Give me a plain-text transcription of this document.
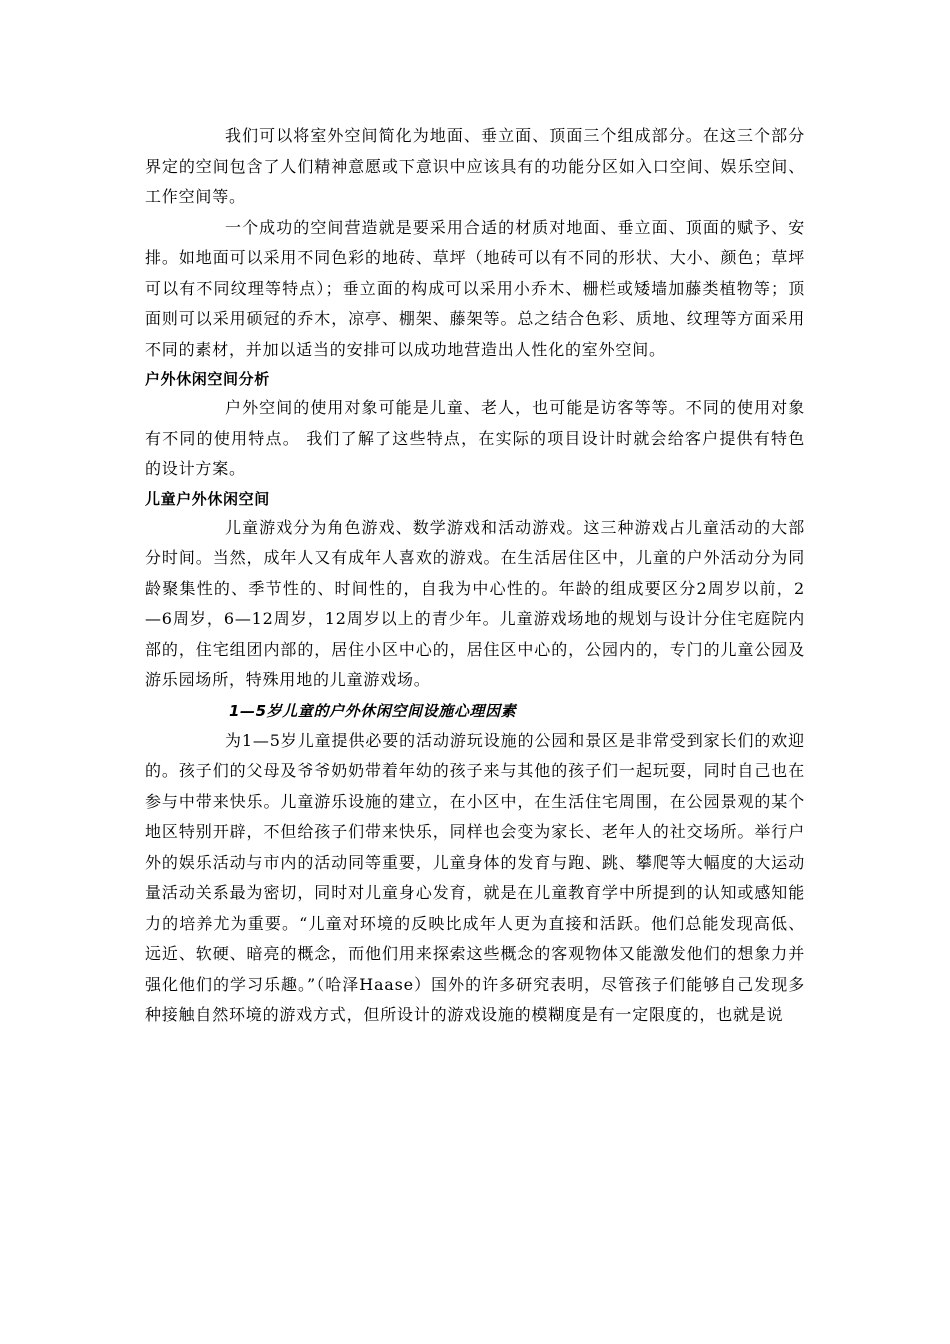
我们可以将室外空间简化为地面、垂立面、顶面三个组成部分。在这三个部分界定的空间包含了人们精神意愿或下意识中应该具有的功能分区如入口空间、娱乐空间、工作空间等。

一个成功的空间营造就是要采用合适的材质对地面、垂立面、顶面的赋予、安排。如地面可以采用不同色彩的地砖、草坪（地砖可以有不同的形状、大小、颜色；草坪可以有不同纹理等特点）；垂立面的构成可以采用小乔木、栅栏或矮墙加藤类植物等；顶面则可以采用硕冠的乔木，凉亭、棚架、藤架等。总之结合色彩、质地、纹理等方面采用不同的素材，并加以适当的安排可以成功地营造出人性化的室外空间。

户外休闲空间分析

户外空间的使用对象可能是儿童、老人，也可能是访客等等。不同的使用对象有不同的使用特点。 我们了解了这些特点，在实际的项目设计时就会给客户提供有特色的设计方案。

儿童户外休闲空间

儿童游戏分为角色游戏、数学游戏和活动游戏。这三种游戏占儿童活动的大部分时间。当然，成年人又有成年人喜欢的游戏。在生活居住区中，儿童的户外活动分为同龄聚集性的、季节性的、时间性的，自我为中心性的。年龄的组成要区分2周岁以前，2—6周岁，6—12周岁，12周岁以上的青少年。儿童游戏场地的规划与设计分住宅庭院内部的，住宅组团内部的，居住小区中心的，居住区中心的，公园内的，专门的儿童公园及游乐园场所，特殊用地的儿童游戏场。

1—5岁儿童的户外休闲空间设施心理因素

为1—5岁儿童提供必要的活动游玩设施的公园和景区是非常受到家长们的欢迎的。孩子们的父母及爷爷奶奶带着年幼的孩子来与其他的孩子们一起玩耍，同时自己也在参与中带来快乐。儿童游乐设施的建立，在小区中，在生活住宅周围，在公园景观的某个地区特别开辟，不但给孩子们带来快乐，同样也会变为家长、老年人的社交场所。举行户外的娱乐活动与市内的活动同等重要，儿童身体的发育与跑、跳、攀爬等大幅度的大运动量活动关系最为密切，同时对儿童身心发育，就是在儿童教育学中所提到的认知或感知能力的培养尤为重要。“儿童对环境的反映比成年人更为直接和活跃。他们总能发现高低、远近、软硬、暗亮的概念，而他们用来探索这些概念的客观物体又能激发他们的想象力并强化他们的学习乐趣。”（哈泽Haase）国外的许多研究表明，尽管孩子们能够自己发现多种接触自然环境的游戏方式，但所设计的游戏设施的模糊度是有一定限度的，也就是说
